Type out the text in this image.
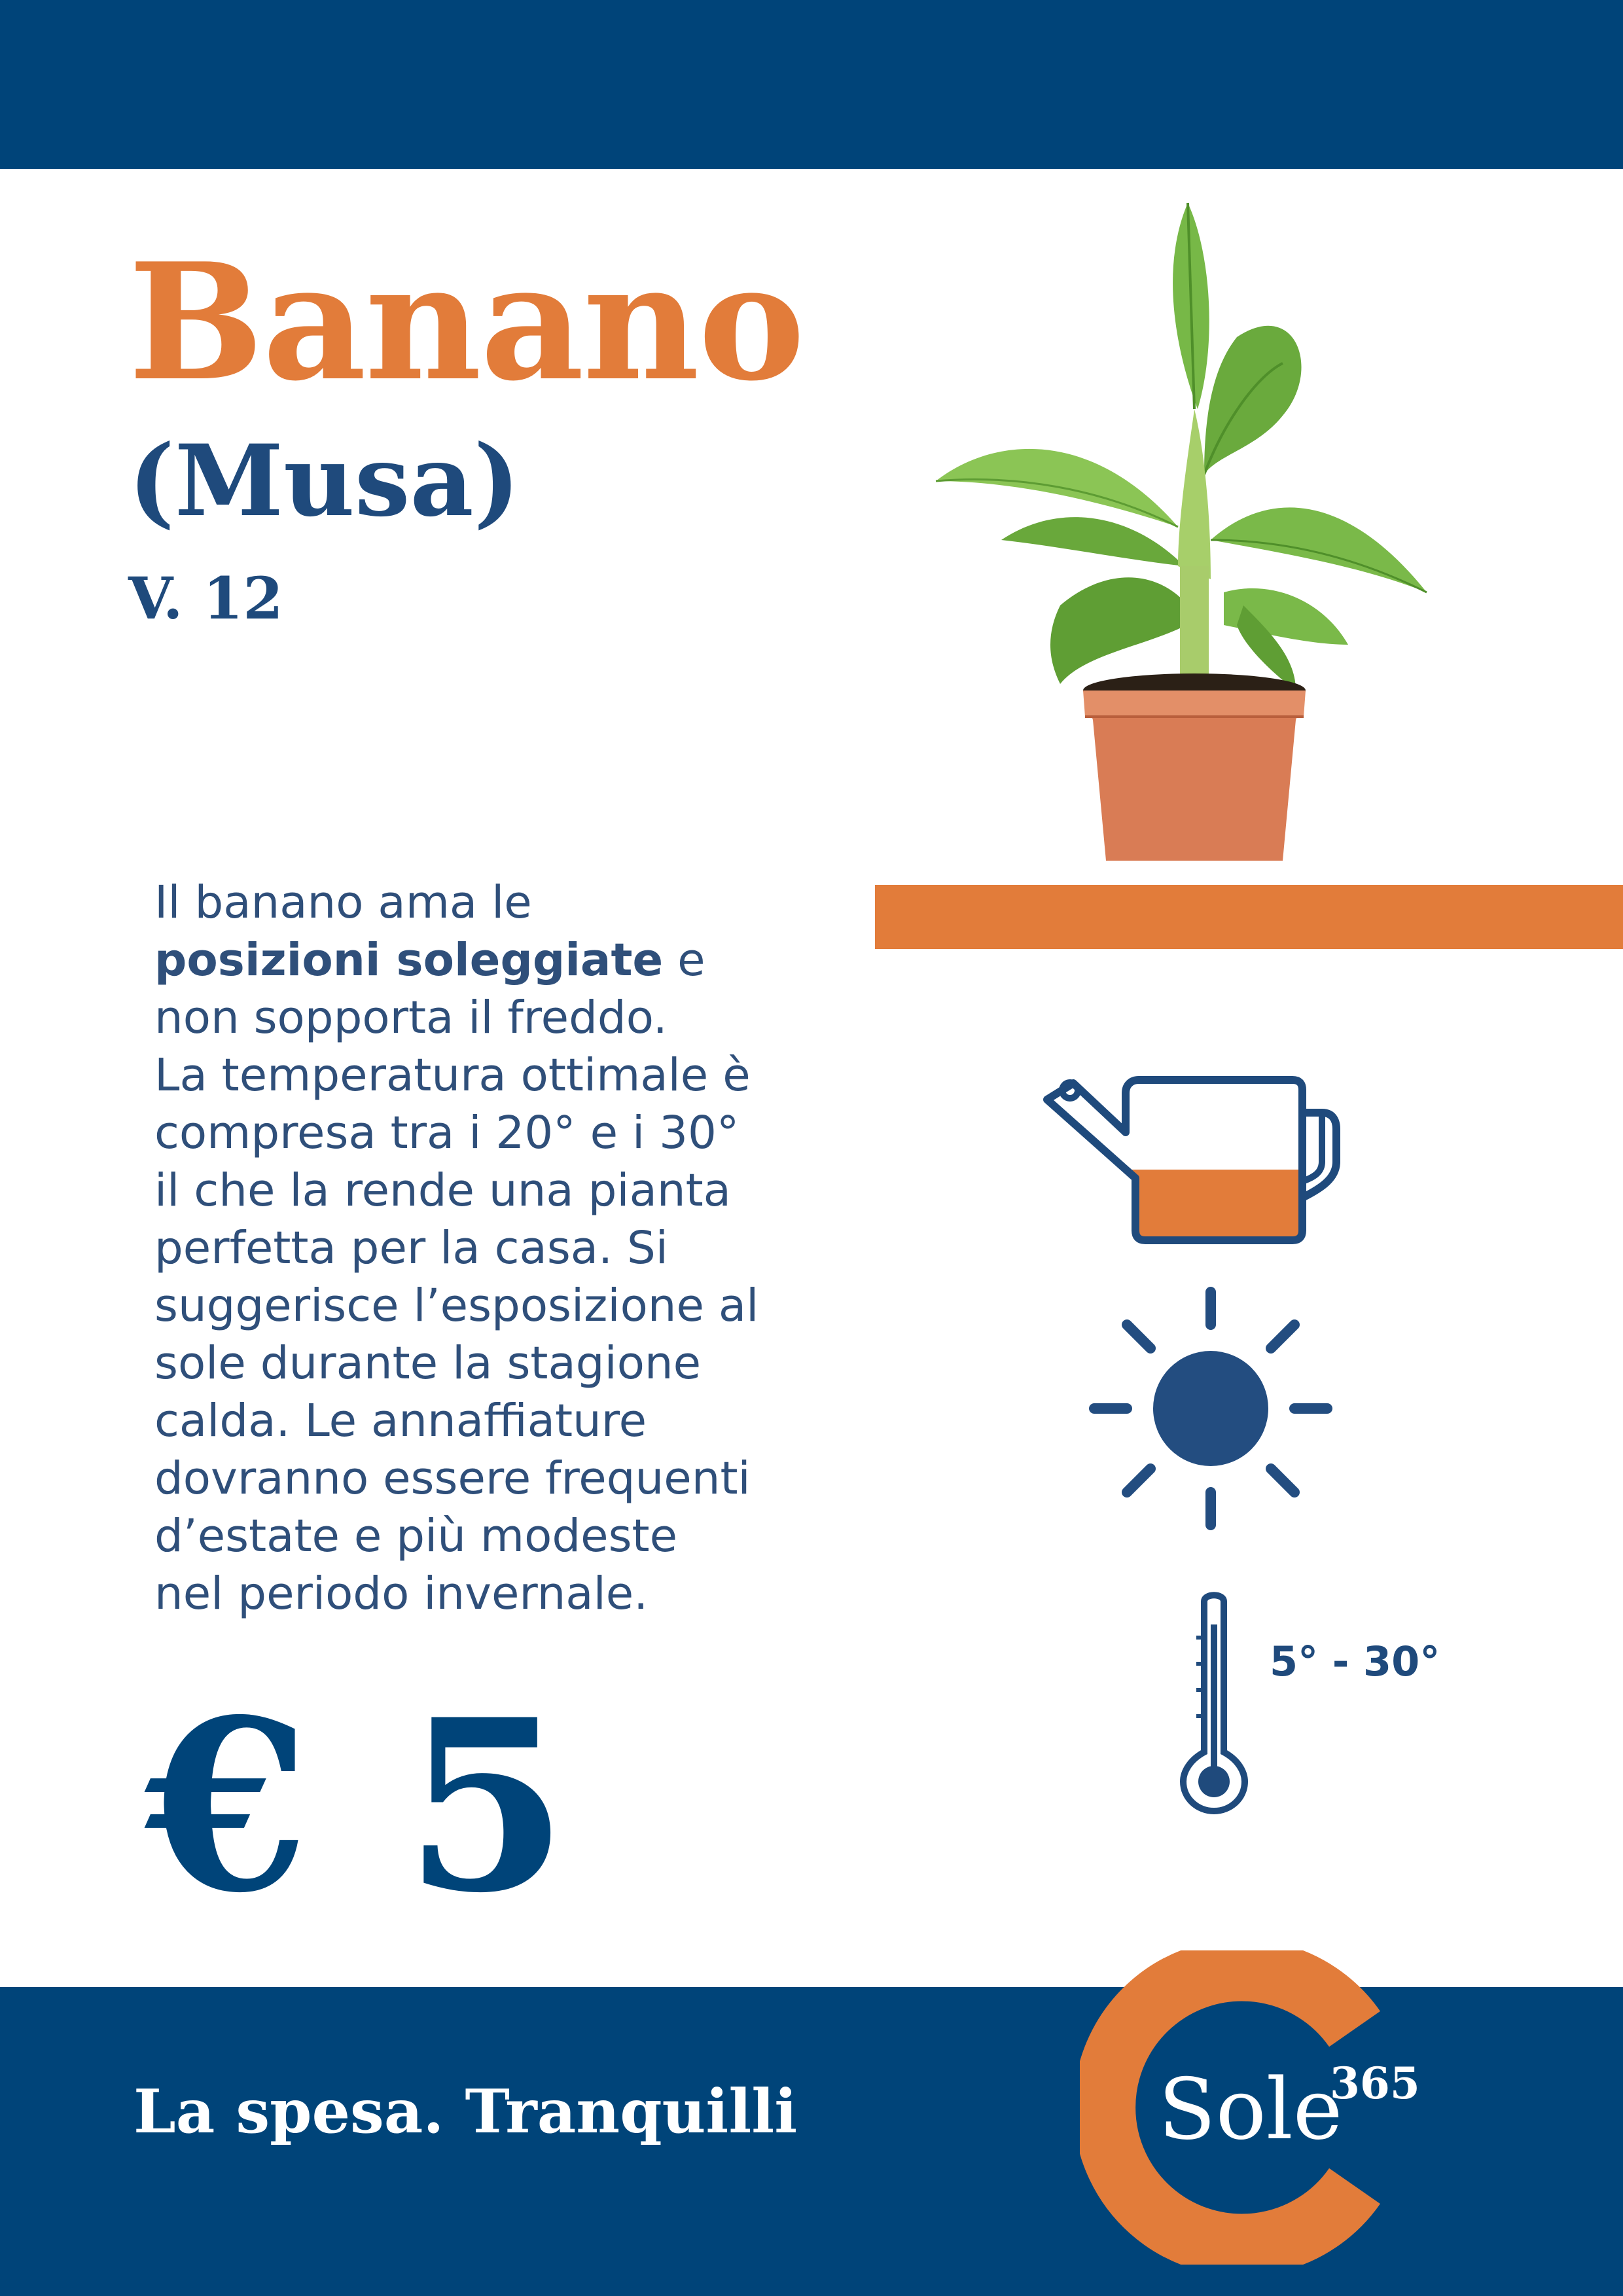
Banano
(Musa)
V. 12

Il banano ama le
posizioni soleggiate e
non sopporta il freddo.
La temperatura ottimale è
compresa tra i 20° e i 30°
il che la rende una pianta
perfetta per la casa. Si
suggerisce l’esposizione al
sole durante la stagione
calda. Le annaffiature
dovranno essere frequenti
d’estate e più modeste
nel periodo invernale.

€ 5
5° - 30°
La spesa. Tranquilli	Sole
365
